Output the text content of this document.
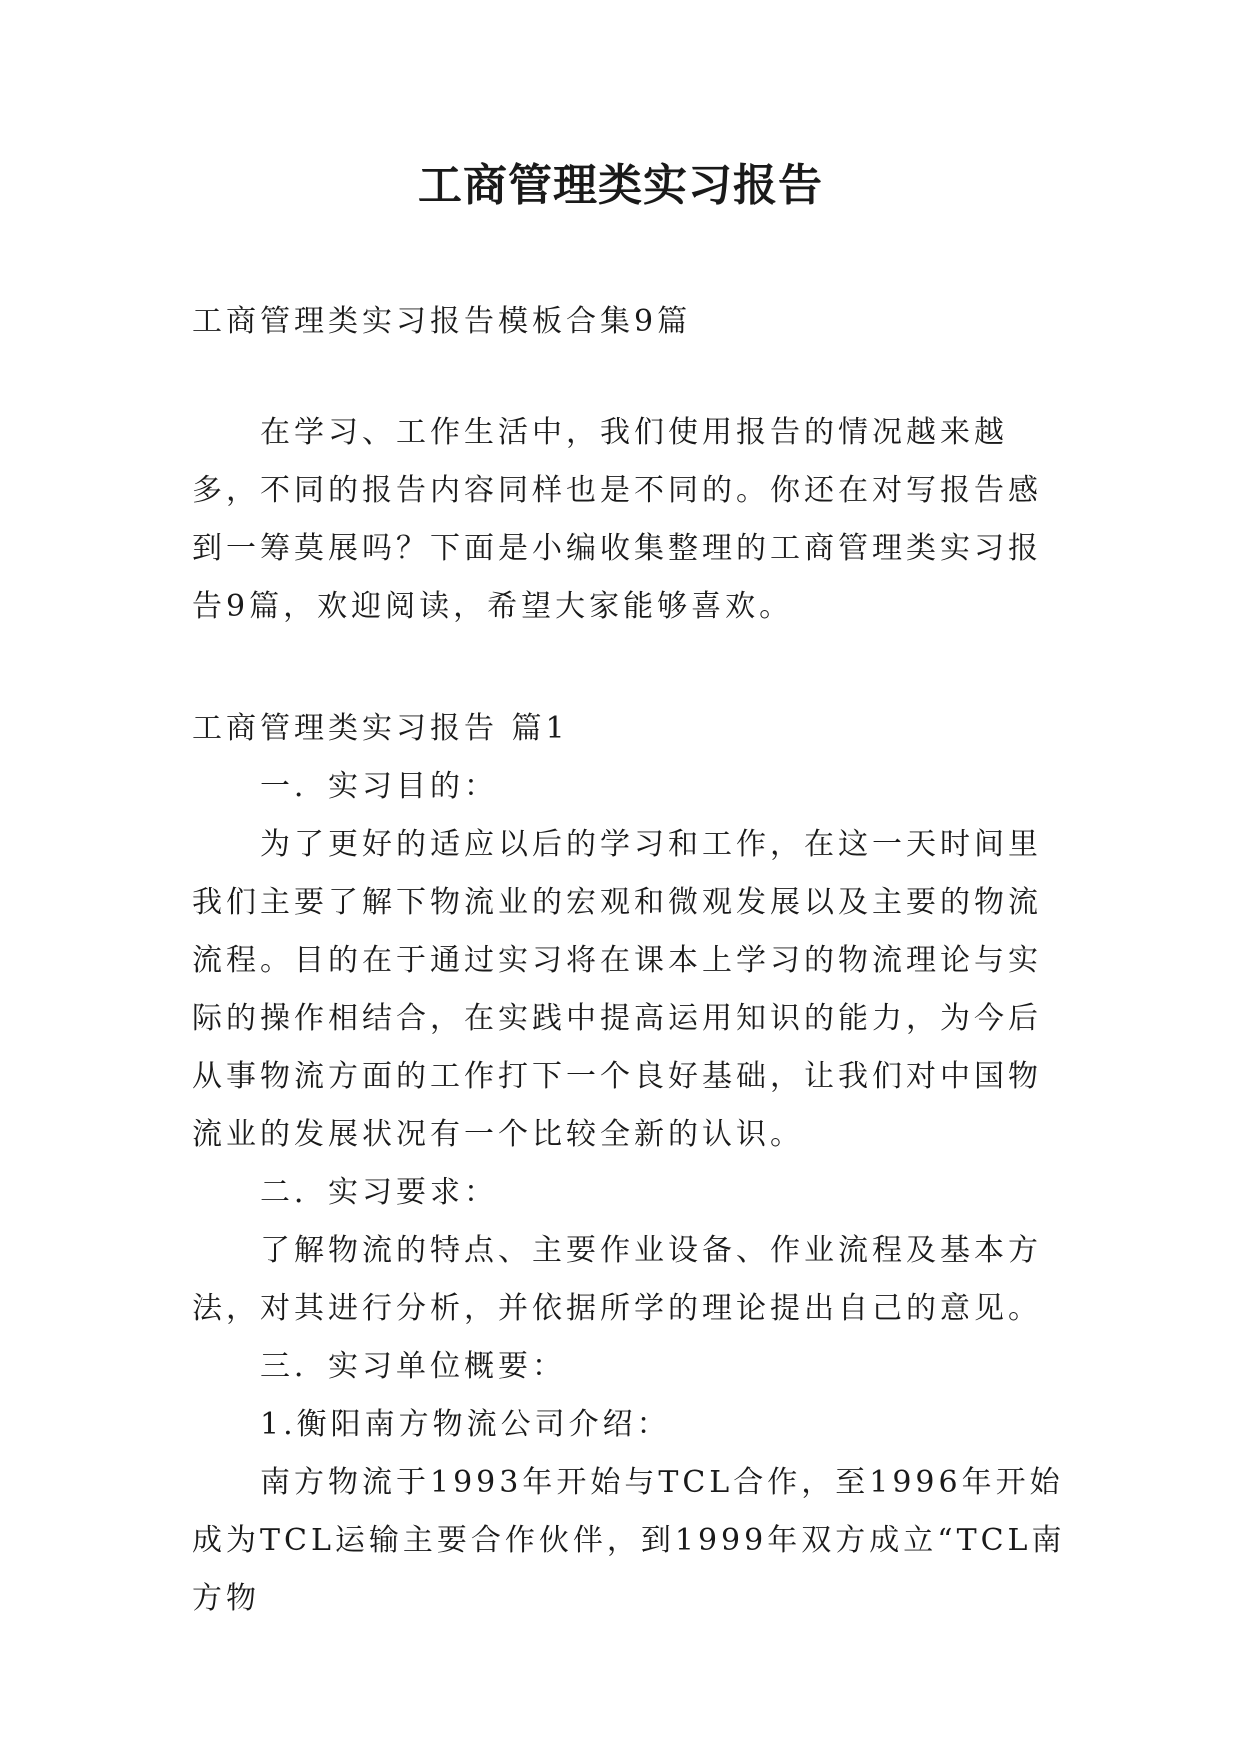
工商管理类实习报告

工商管理类实习报告模板合集9篇

在学习、工作生活中，我们使用报告的情况越来越多，不同的报告内容同样也是不同的。你还在对写报告感到一筹莫展吗？下面是小编收集整理的工商管理类实习报告9篇，欢迎阅读，希望大家能够喜欢。

工商管理类实习报告 篇1

一．实习目的：

为了更好的适应以后的学习和工作，在这一天时间里我们主要了解下物流业的宏观和微观发展以及主要的物流流程。目的在于通过实习将在课本上学习的物流理论与实际的操作相结合，在实践中提高运用知识的能力，为今后从事物流方面的工作打下一个良好基础，让我们对中国物流业的发展状况有一个比较全新的认识。

二．实习要求：

了解物流的特点、主要作业设备、作业流程及基本方法，对其进行分析，并依据所学的理论提出自己的意见。

三．实习单位概要：

1.衡阳南方物流公司介绍：

南方物流于1993年开始与TCL合作，至1996年开始成为TCL运输主要合作伙伴，到1999年双方成立“TCL南方物
